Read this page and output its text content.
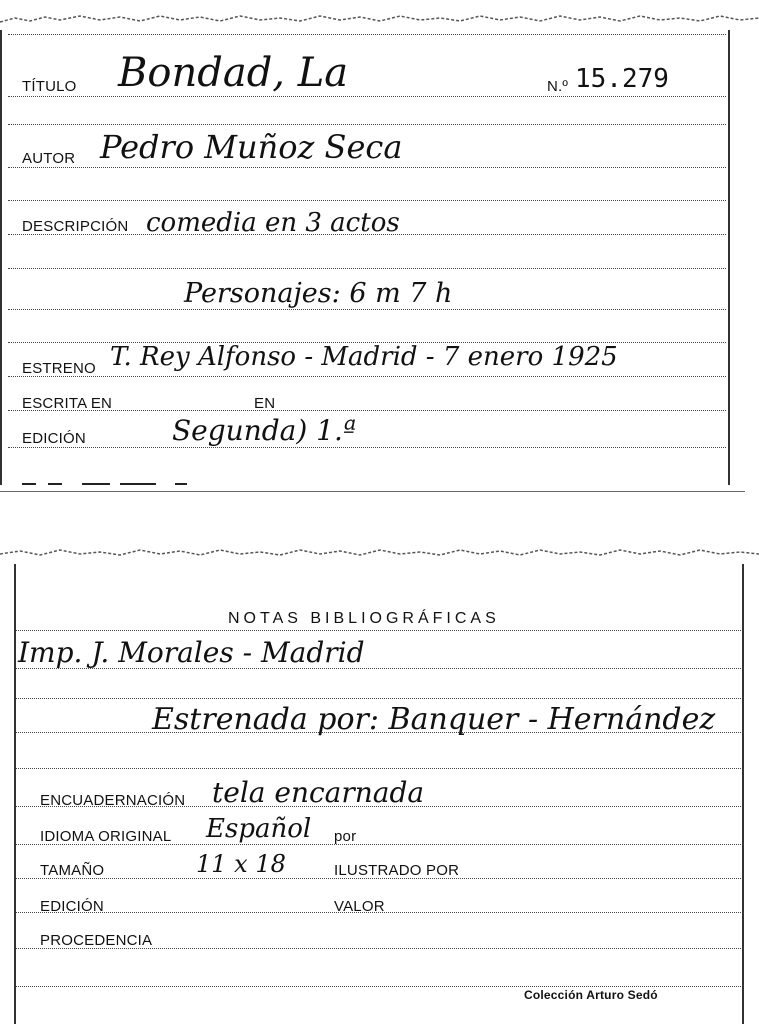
TÍTULO Bondad, La	N.º 15.279
AUTOR Pedro Muñoz Seca
DESCRIPCIÓN comedia en 3 actos
Personajes: 6 m 7 h
ESTRENO T. Rey Alfonso - Madrid - 7 enero 1925
ESCRITA EN	EN
EDICIÓN	Segunda) 1.ª
NOTAS BIBLIOGRÁFICAS
Imp. J. Morales - Madrid
Estrenada por: Banquer - Hernández
ENCUADERNACIÓN tela encarnada
IDIOMA ORIGINAL Español por
TAMAÑO	11 x 18	ILUSTRADO POR
EDICIÓN	VALOR
PROCEDENCIA
Colección Arturo Sedó
